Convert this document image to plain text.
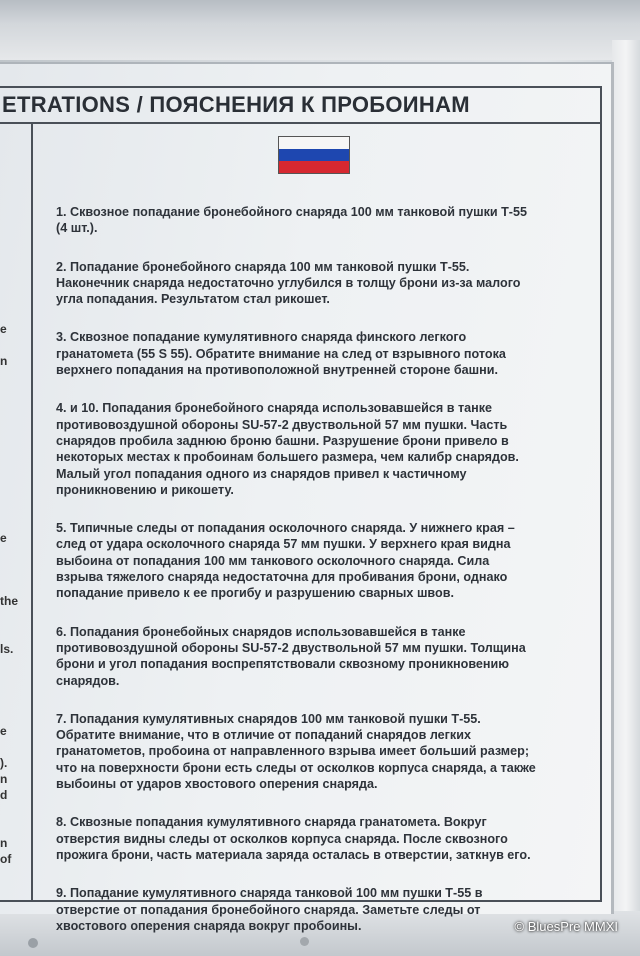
ETRATIONS / ПОЯСНЕНИЯ К ПРОБОИНАМ
e
n
e
the
ls.
e
).
n
d
n
of
1. Сквозное попадание бронебойного снаряда 100 мм танковой пушки Т-55
(4 шт.).
2. Попадание бронебойного снаряда 100 мм танковой пушки Т-55.
Наконечник снаряда недостаточно углубился в толщу брони из-за малого
угла попадания. Результатом стал рикошет.
3. Сквозное попадание кумулятивного снаряда финского легкого
гранатомета (55 S 55). Обратите внимание на след от взрывного потока
верхнего попадания на противоположной внутренней стороне башни.
4. и 10. Попадания бронебойного снаряда использовавшейся в танке
противовоздушной обороны SU-57-2 двуствольной 57 мм пушки. Часть
снарядов пробила заднюю броню башни. Разрушение брони привело в
некоторых местах к пробоинам большего размера, чем калибр снарядов.
Малый угол попадания одного из снарядов привел к частичному
проникновению и рикошету.
5. Типичные следы от попадания осколочного снаряда. У нижнего края –
след от удара осколочного снаряда 57 мм пушки. У верхнего края видна
выбоина от попадания 100 мм танкового осколочного снаряда. Сила
взрыва тяжелого снаряда недостаточна для пробивания брони, однако
попадание привело к ее прогибу и разрушению сварных швов.
6. Попадания бронебойных снарядов использовавшейся в танке
противовоздушной обороны SU-57-2 двуствольной 57 мм пушки. Толщина
брони и угол попадания воспрепятствовали сквозному проникновению
снарядов.
7. Попадания кумулятивных снарядов 100 мм танковой пушки Т-55.
Обратите внимание, что в отличие от попаданий снарядов легких
гранатометов, пробоина от направленного взрыва имеет больший размер;
что на поверхности брони есть следы от осколков корпуса снаряда, а также
выбоины от ударов хвостового оперения снаряда.
8. Сквозные попадания кумулятивного снаряда гранатомета. Вокруг
отверстия видны следы от осколков корпуса снаряда. После сквозного
прожига брони, часть материала заряда осталась в отверстии, заткнув его.
9. Попадание кумулятивного снаряда танковой 100 мм пушки Т-55 в
отверстие от попадания бронебойного снаряда. Заметьте следы от
хвостового оперения снаряда вокруг пробоины.	© BluesPre MMXI
